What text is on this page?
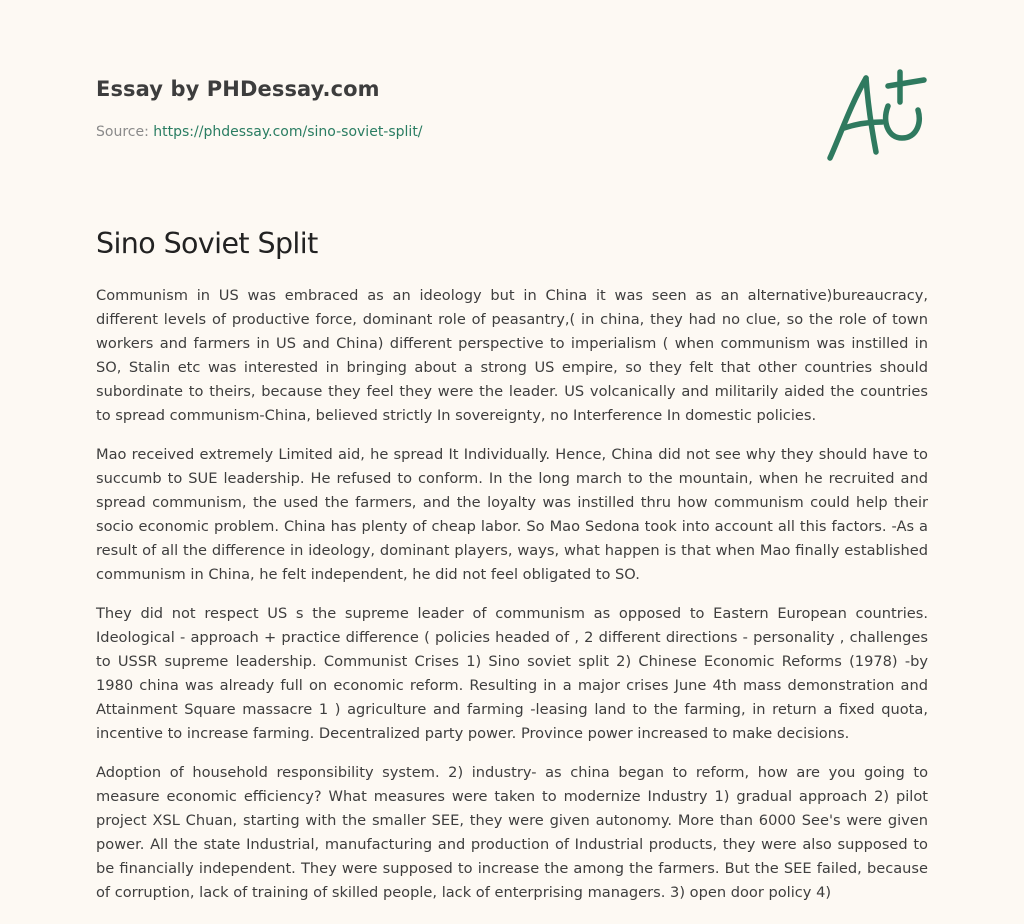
Essay by PHDessay.com
Source: https://phdessay.com/sino-soviet-split/
Sino Soviet Split

Communism in US was embraced as an ideology but in China it was seen as an alternative)bureaucracy, different levels of productive force, dominant role of peasantry,( in china, they had no clue, so the role of town workers and farmers in US and China) different perspective to imperialism ( when communism was instilled in SO, Stalin etc was interested in bringing about a strong US empire, so they felt that other countries should subordinate to theirs, because they feel they were the leader. US volcanically and militarily aided the countries to spread communism-China, believed strictly In sovereignty, no Interference In domestic policies.

Mao received extremely Limited aid, he spread It Individually. Hence, China did not see why they should have to succumb to SUE leadership. He refused to conform. In the long march to the mountain, when he recruited and spread communism, the used the farmers, and the loyalty was instilled thru how communism could help their socio economic problem. China has plenty of cheap labor. So Mao Sedona took into account all this factors. -As a result of all the difference in ideology, dominant players, ways, what happen is that when Mao finally established communism in China, he felt independent, he did not feel obligated to SO.

They did not respect US s the supreme leader of communism as opposed to Eastern European countries. Ideological - approach + practice difference ( policies headed of , 2 different directions - personality , challenges to USSR supreme leadership. Communist Crises 1) Sino soviet split 2) Chinese Economic Reforms (1978) -by 1980 china was already full on economic reform. Resulting in a major crises June 4th mass demonstration and Attainment Square massacre 1 ) agriculture and farming -leasing land to the farming, in return a fixed quota, incentive to increase farming. Decentralized party power. Province power increased to make decisions.

Adoption of household responsibility system. 2) industry- as china began to reform, how are you going to measure economic efficiency? What measures were taken to modernize Industry 1) gradual approach 2) pilot project XSL Chuan, starting with the smaller SEE, they were given autonomy. More than 6000 See's were given power. All the state Industrial, manufacturing and production of Industrial products, they were also supposed to be financially independent. They were supposed to increase the among the farmers. But the SEE failed, because of corruption, lack of training of skilled people, lack of enterprising managers. 3) open door policy 4)
